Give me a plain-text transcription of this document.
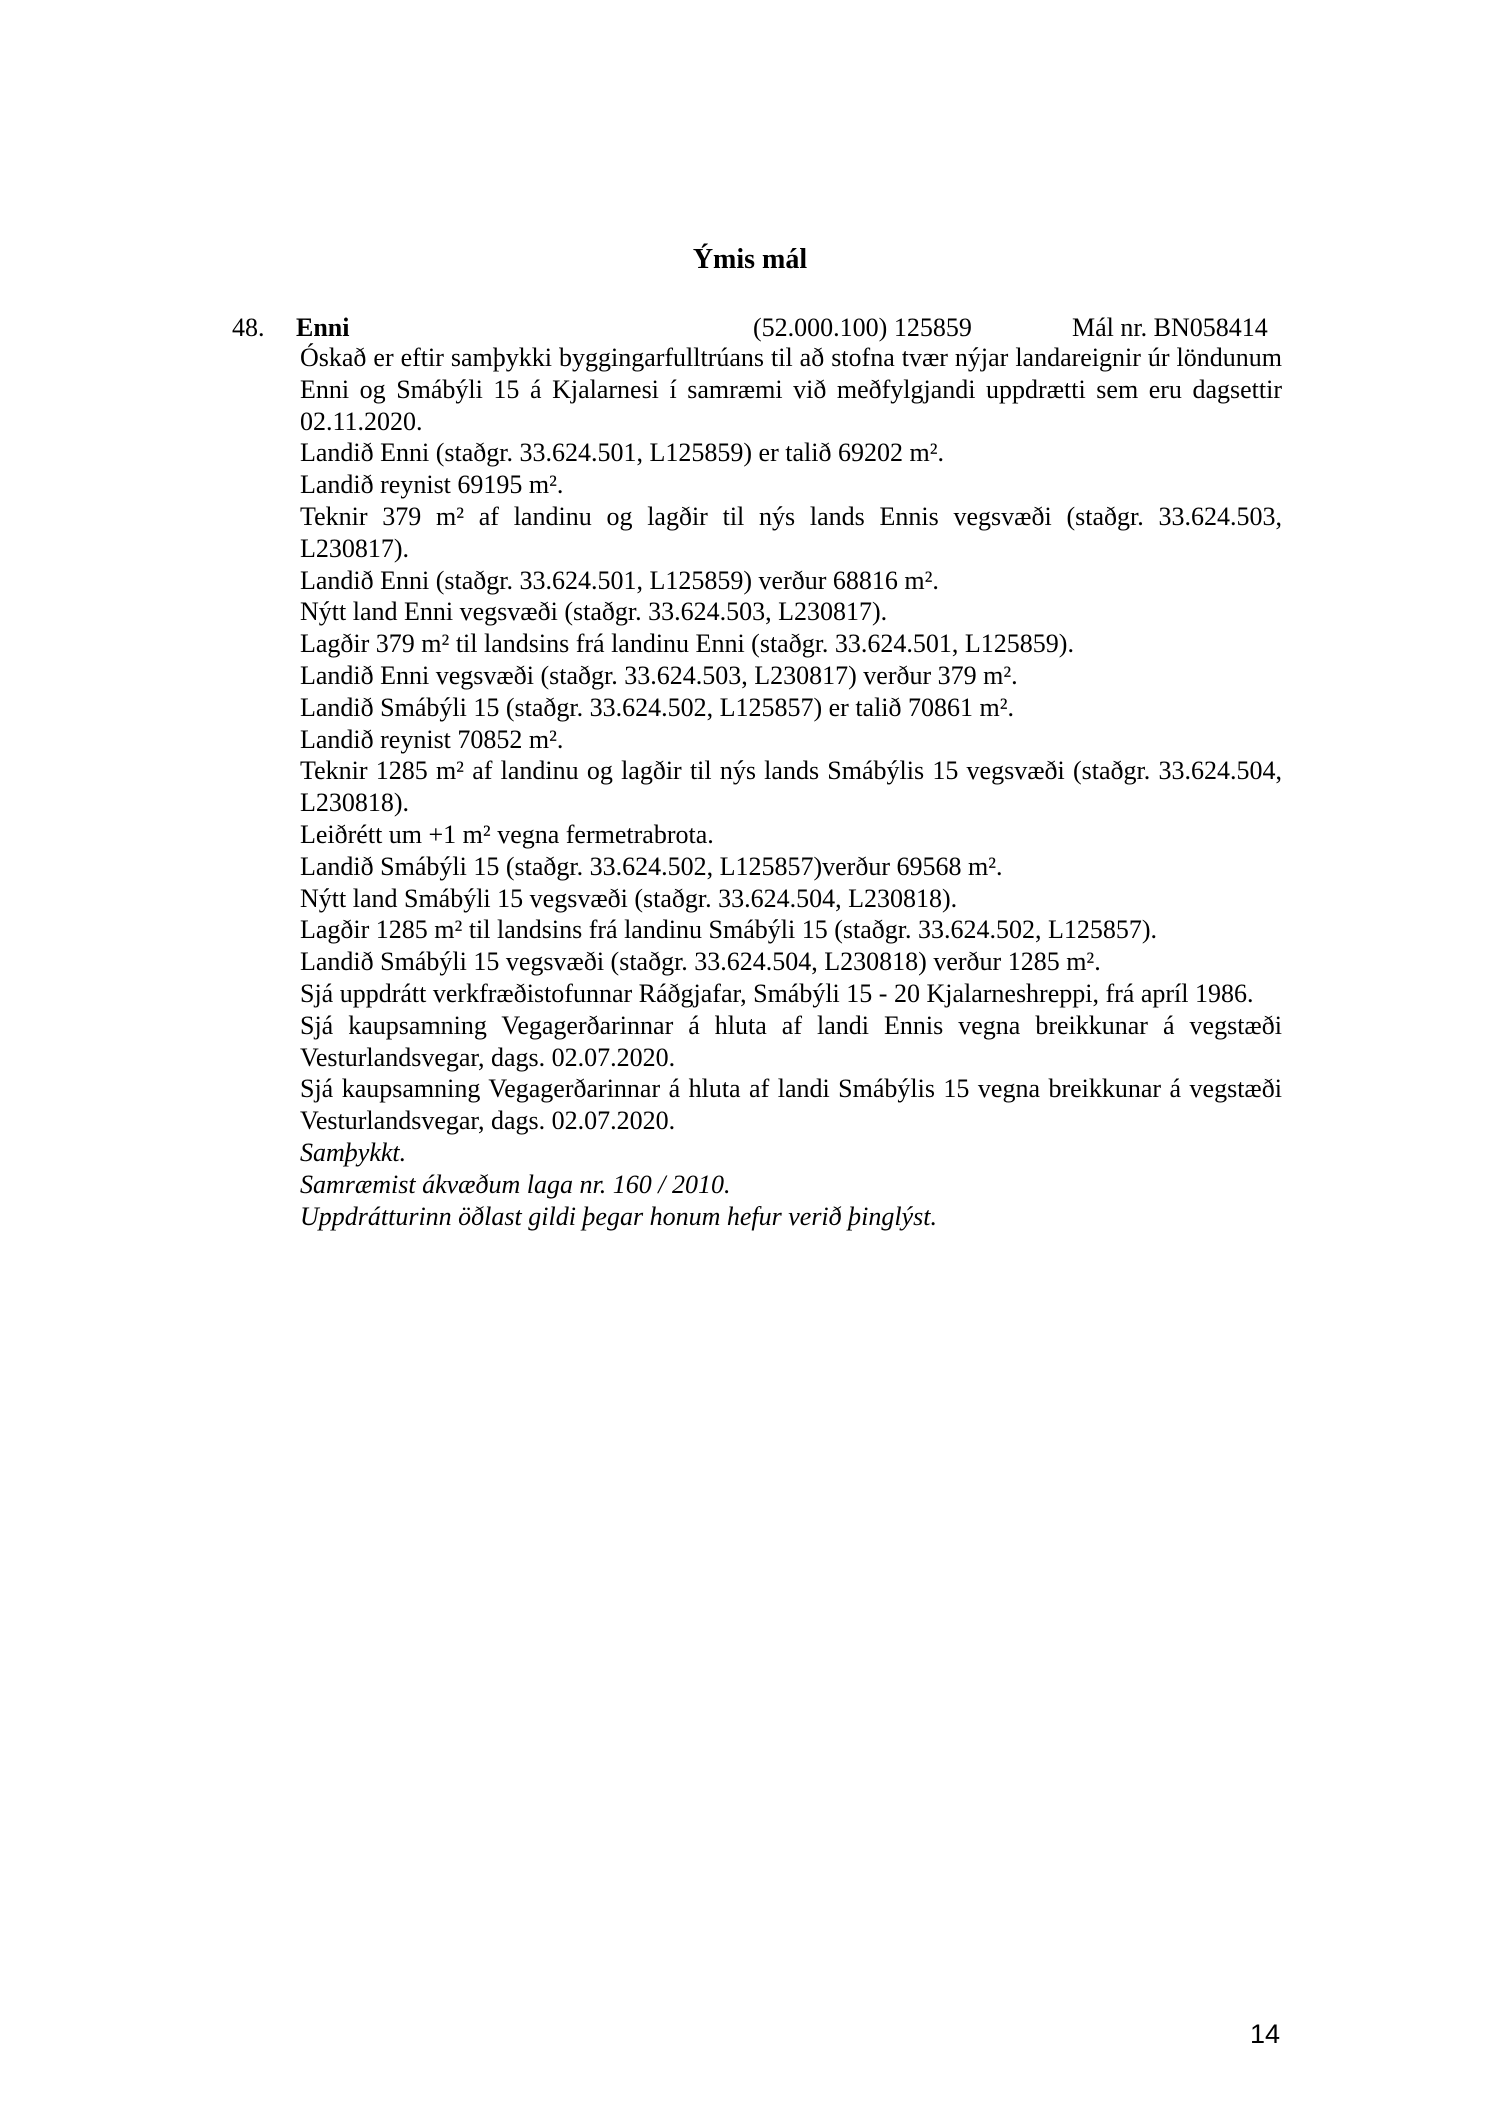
Ýmis mál
48. Enni	(52.000.100) 125859	Mál nr. BN058414

Óskað er eftir samþykki byggingarfulltrúans til að stofna tvær nýjar landareignir úr löndunum Enni og Smábýli 15 á Kjalarnesi í samræmi við meðfylgjandi uppdrætti sem eru dagsettir 02.11.2020.

Landið Enni (staðgr. 33.624.501, L125859) er talið 69202 m².

Landið reynist 69195 m².

Teknir 379 m² af landinu og lagðir til nýs lands Ennis vegsvæði (staðgr. 33.624.503, L230817).

Landið Enni (staðgr. 33.624.501, L125859) verður 68816 m².

Nýtt land Enni vegsvæði (staðgr. 33.624.503, L230817).

Lagðir 379 m² til landsins frá landinu Enni (staðgr. 33.624.501, L125859).

Landið Enni vegsvæði (staðgr. 33.624.503, L230817) verður 379 m².

Landið Smábýli 15 (staðgr. 33.624.502, L125857) er talið 70861 m².

Landið reynist 70852 m².

Teknir 1285 m² af landinu og lagðir til nýs lands Smábýlis 15 vegsvæði (staðgr. 33.624.504, L230818).

Leiðrétt um +1 m² vegna fermetrabrota.

Landið Smábýli 15 (staðgr. 33.624.502, L125857)verður 69568 m².

Nýtt land Smábýli 15 vegsvæði (staðgr. 33.624.504, L230818).

Lagðir 1285 m² til landsins frá landinu Smábýli 15 (staðgr. 33.624.502, L125857).

Landið Smábýli 15 vegsvæði (staðgr. 33.624.504, L230818) verður 1285 m².

Sjá uppdrátt verkfræðistofunnar Ráðgjafar, Smábýli 15 - 20 Kjalarneshreppi, frá apríl 1986.

Sjá kaupsamning Vegagerðarinnar á hluta af landi Ennis vegna breikkunar á vegstæði Vesturlandsvegar, dags. 02.07.2020.

Sjá kaupsamning Vegagerðarinnar á hluta af landi Smábýlis 15 vegna breikkunar á vegstæði Vesturlandsvegar, dags. 02.07.2020.

Samþykkt.

Samræmist ákvæðum laga nr. 160 / 2010.

Uppdrátturinn öðlast gildi þegar honum hefur verið þinglýst.

14
